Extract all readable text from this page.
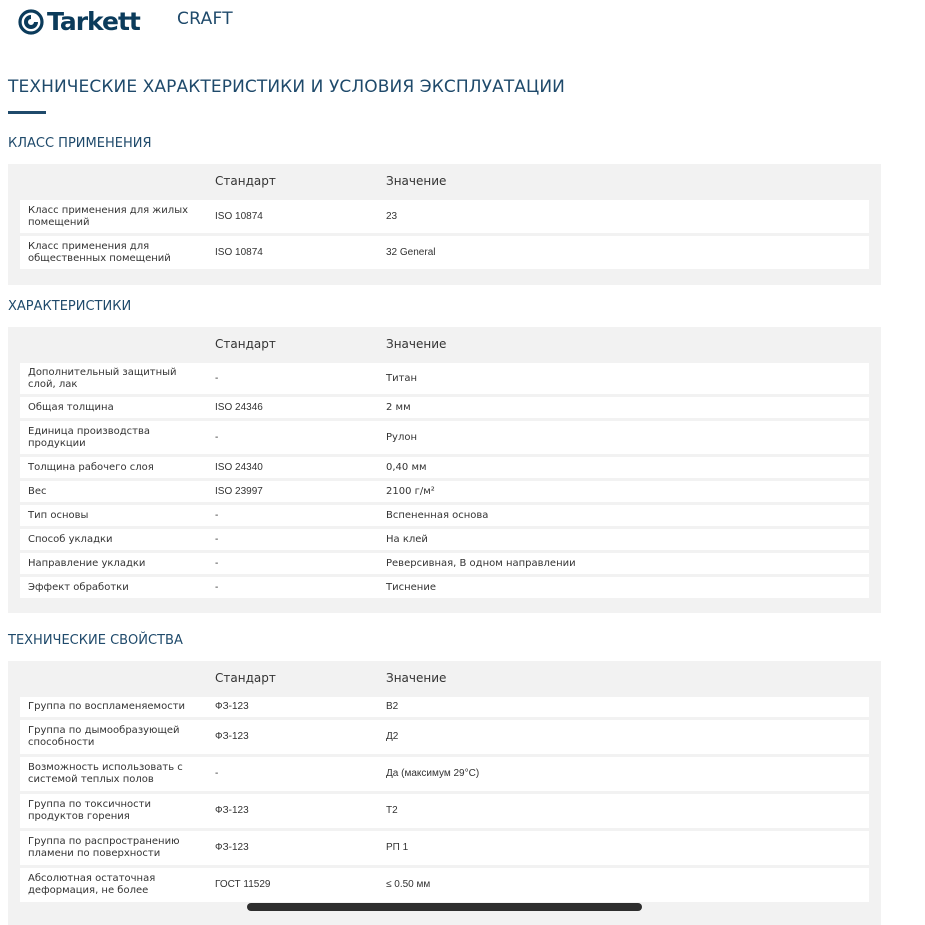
Tarkett CRAFT
ТЕХНИЧЕСКИЕ ХАРАКТЕРИСТИКИ И УСЛОВИЯ ЭКСПЛУАТАЦИИ
КЛАСС ПРИМЕНЕНИЯ
Стандарт	Значение
Класс применения для жилых помещений
ISO 10874	23
Класс применения для общественных помещений
ISO 10874	32 General
ХАРАКТЕРИСТИКИ
Стандарт	Значение
Дополнительный защитный слой, лак
-	Титан
Общая толщина	ISO 24346	2 мм
Единица производства продукции
-	Рулон
Толщина рабочего слоя	ISO 24340	0,40 мм
Вес	ISO 23997	2100 г/м²
Тип основы	-	Вспененная основа
Способ укладки	-	На клей
Направление укладки	-	Реверсивная, В одном направлении
Эффект обработки	-	Тиснение
ТЕХНИЧЕСКИЕ СВОЙСТВА
Стандарт	Значение
Группа по воспламеняемости	ФЗ-123	В2
Группа по дымообразующей способности
ФЗ-123	Д2
Возможность использовать с системой теплых полов
-	Да (максимум 29°C)
Группа по токсичности продуктов горения
ФЗ-123	Т2
Группа по распространению пламени по поверхности
ФЗ-123	РП 1
Абсолютная остаточная деформация, не более
ГОСТ 11529	≤ 0.50 мм
